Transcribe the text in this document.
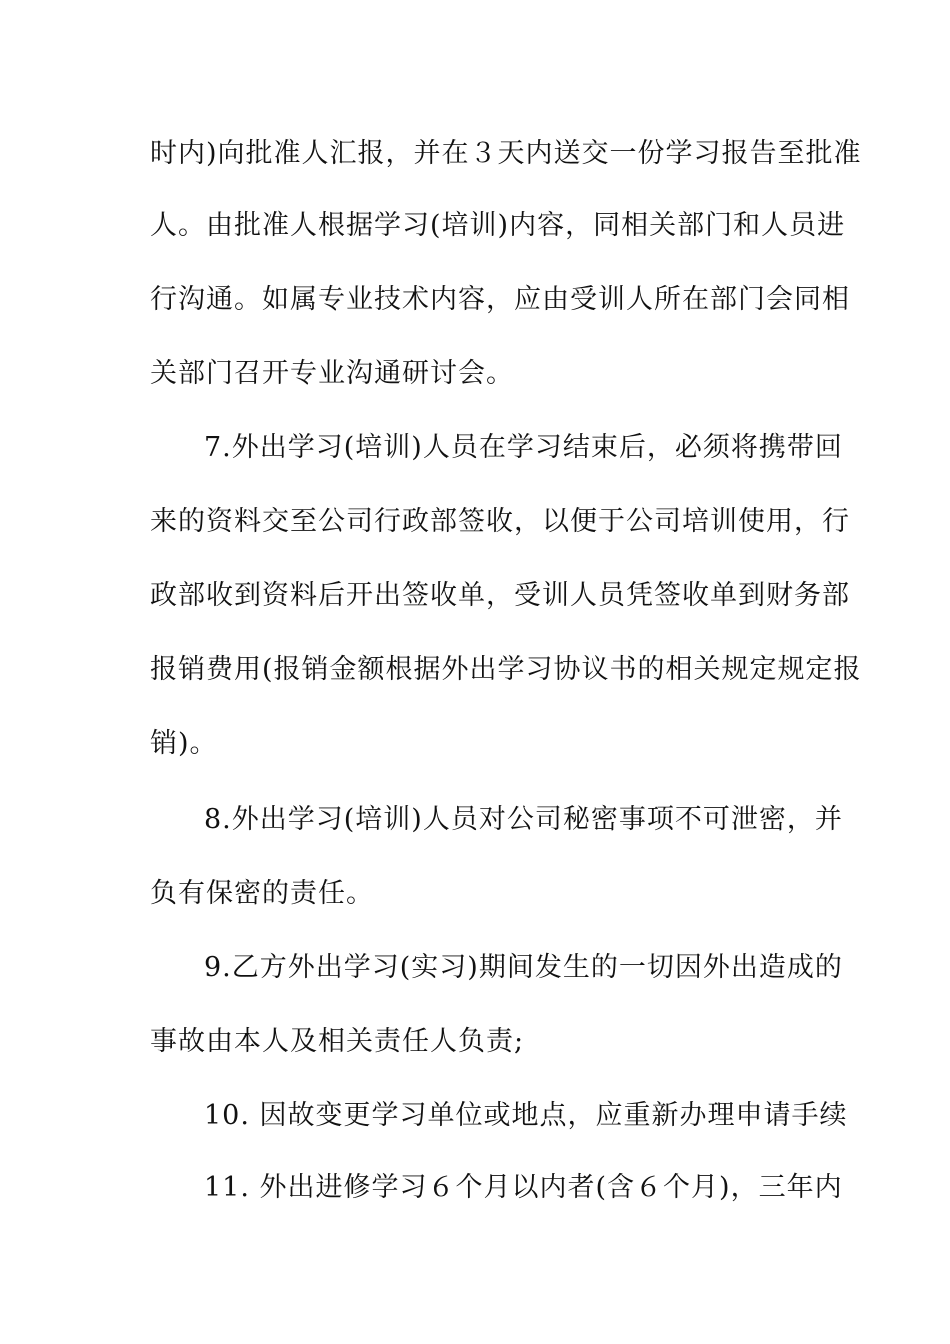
时内)向批准人汇报，并在３天内送交一份学习报告至批准
人。由批准人根据学习(培训)内容，同相关部门和人员进
行沟通。如属专业技术内容，应由受训人所在部门会同相
关部门召开专业沟通研讨会。
7.外出学习(培训)人员在学习结束后，必须将携带回
来的资料交至公司行政部签收，以便于公司培训使用，行
政部收到资料后开出签收单，受训人员凭签收单到财务部
报销费用(报销金额根据外出学习协议书的相关规定规定报
销)。
8.外出学习(培训)人员对公司秘密事项不可泄密，并
负有保密的责任。
9.乙方外出学习(实习)期间发生的一切因外出造成的
事故由本人及相关责任人负责;
10. 因故变更学习单位或地点，应重新办理申请手续
11. 外出进修学习６个月以内者(含６个月)，三年内
